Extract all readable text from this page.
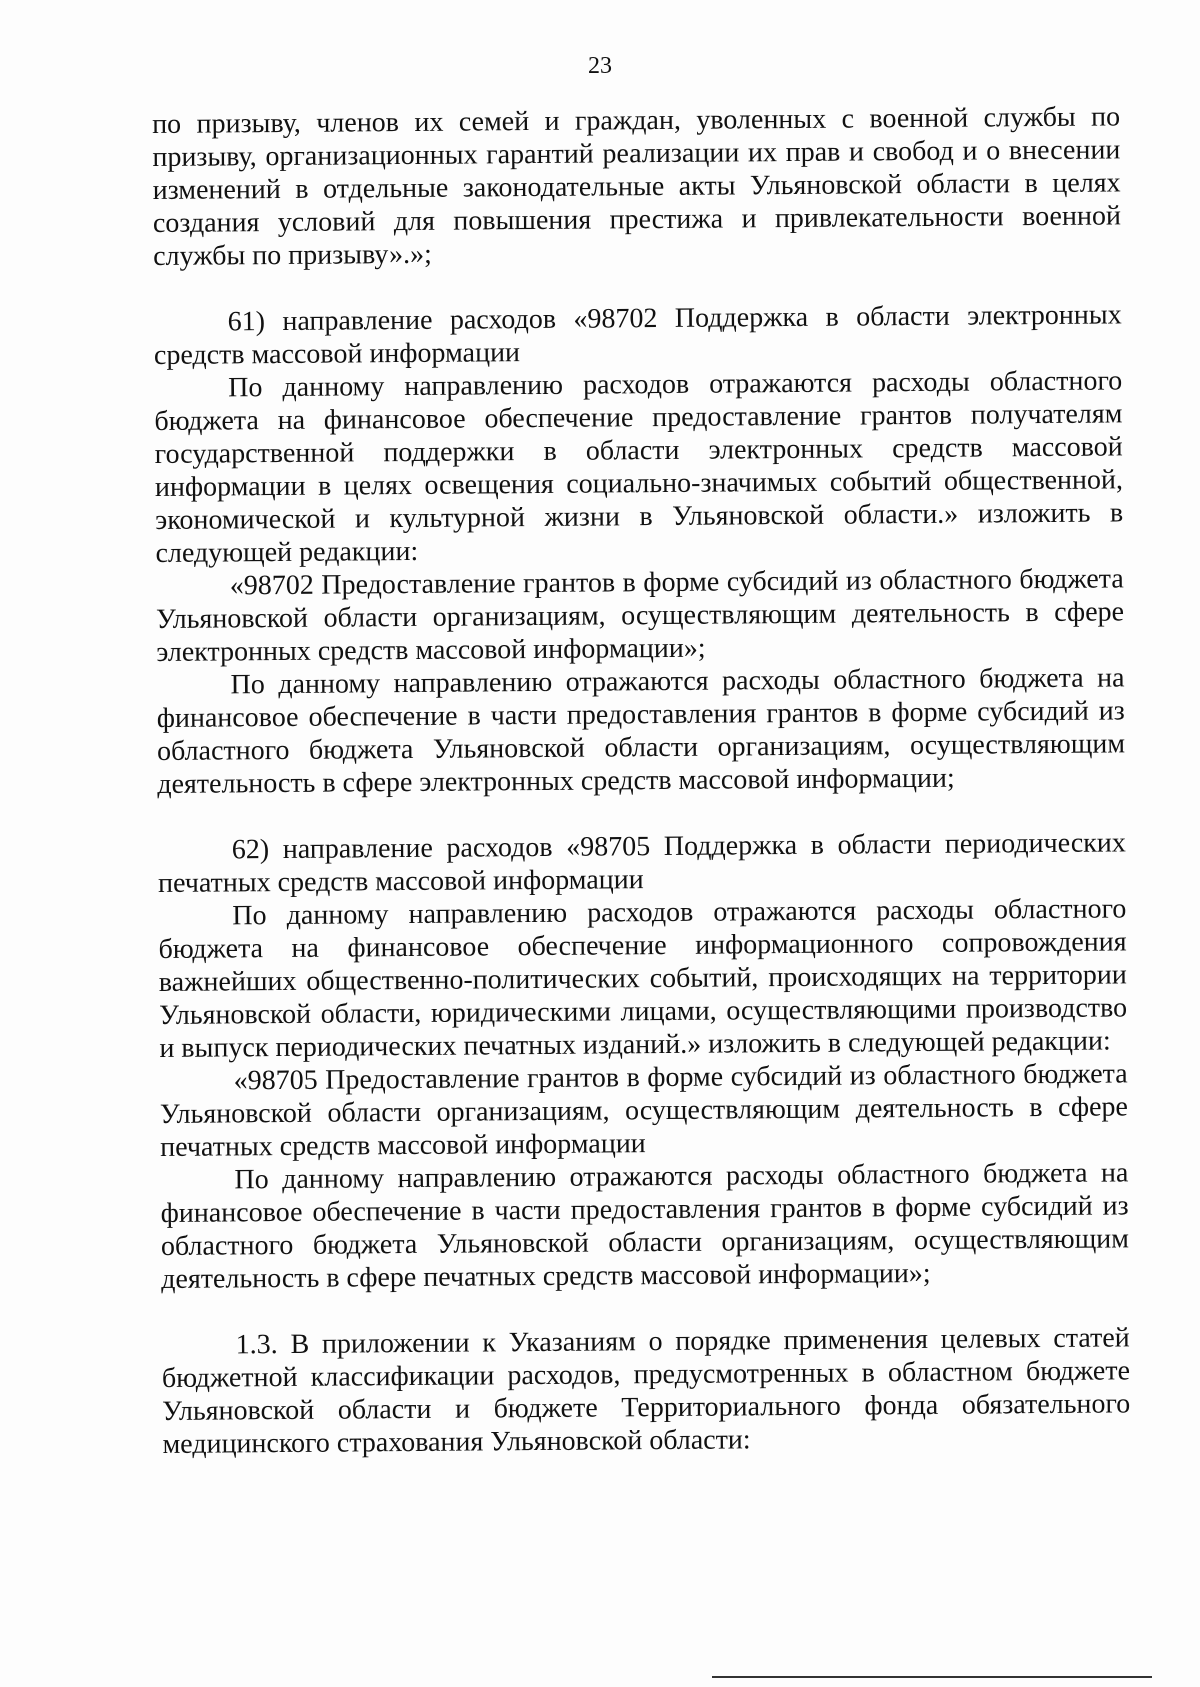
23

по призыву, членов их семей и граждан, уволенных с военной службы по призыву, организационных гарантий реализации их прав и свобод и о внесении изменений в отдельные законодательные акты Ульяновской области в целях создания условий для повышения престижа и привлекательности военной службы по призыву».»;

61) направление расходов «98702 Поддержка в области электронных средств массовой информации

По данному направлению расходов отражаются расходы областного бюджета на финансовое обеспечение предоставление грантов получателям государственной поддержки в области электронных средств массовой информации в целях освещения социально-значимых событий общественной, экономической и культурной жизни в Ульяновской области.» изложить в следующей редакции:

«98702 Предоставление грантов в форме субсидий из областного бюджета Ульяновской области организациям, осуществляющим деятельность в сфере электронных средств массовой информации»;

По данному направлению отражаются расходы областного бюджета на финансовое обеспечение в части предоставления грантов в форме субсидий из областного бюджета Ульяновской области организациям, осуществляющим деятельность в сфере электронных средств массовой информации;

62) направление расходов «98705 Поддержка в области периодических печатных средств массовой информации

По данному направлению расходов отражаются расходы областного бюджета на финансовое обеспечение информационного сопровождения важнейших общественно-политических событий, происходящих на территории Ульяновской области, юридическими лицами, осуществляющими производство и выпуск периодических печатных изданий.» изложить в следующей редакции:

«98705 Предоставление грантов в форме субсидий из областного бюджета Ульяновской области организациям, осуществляющим деятельность в сфере печатных средств массовой информации

По данному направлению отражаются расходы областного бюджета на финансовое обеспечение в части предоставления грантов в форме субсидий из областного бюджета Ульяновской области организациям, осуществляющим деятельность в сфере печатных средств массовой информации»;

1.3. В приложении к Указаниям о порядке применения целевых статей бюджетной классификации расходов, предусмотренных в областном бюджете Ульяновской области и бюджете Территориального фонда обязательного медицинского страхования Ульяновской области:
